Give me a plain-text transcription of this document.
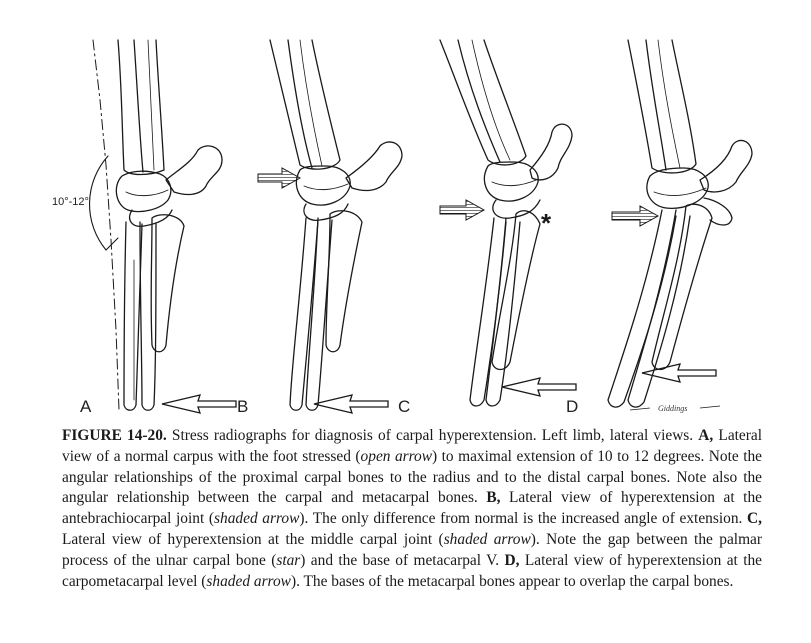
*
10°-12°
A	B	C	D	Giddings

FIGURE 14-20. Stress radiographs for diagnosis of carpal hyperextension. Left limb, lateral views. A, Lateral view of a normal carpus with the foot stressed (open arrow) to maximal extension of 10 to 12 degrees. Note the angular relationships of the proximal carpal bones to the radius and to the distal carpal bones. Note also the angular relationship between the carpal and metacarpal bones. B, Lateral view of hyperextension at the antebrachiocarpal joint (shaded arrow). The only difference from normal is the increased angle of extension. C, Lateral view of hyperextension at the middle carpal joint (shaded arrow). Note the gap between the palmar process of the ulnar carpal bone (star) and the base of metacarpal V. D, Lateral view of hyperextension at the carpometacarpal level (shaded arrow). The bases of the metacarpal bones appear to overlap the carpal bones.
